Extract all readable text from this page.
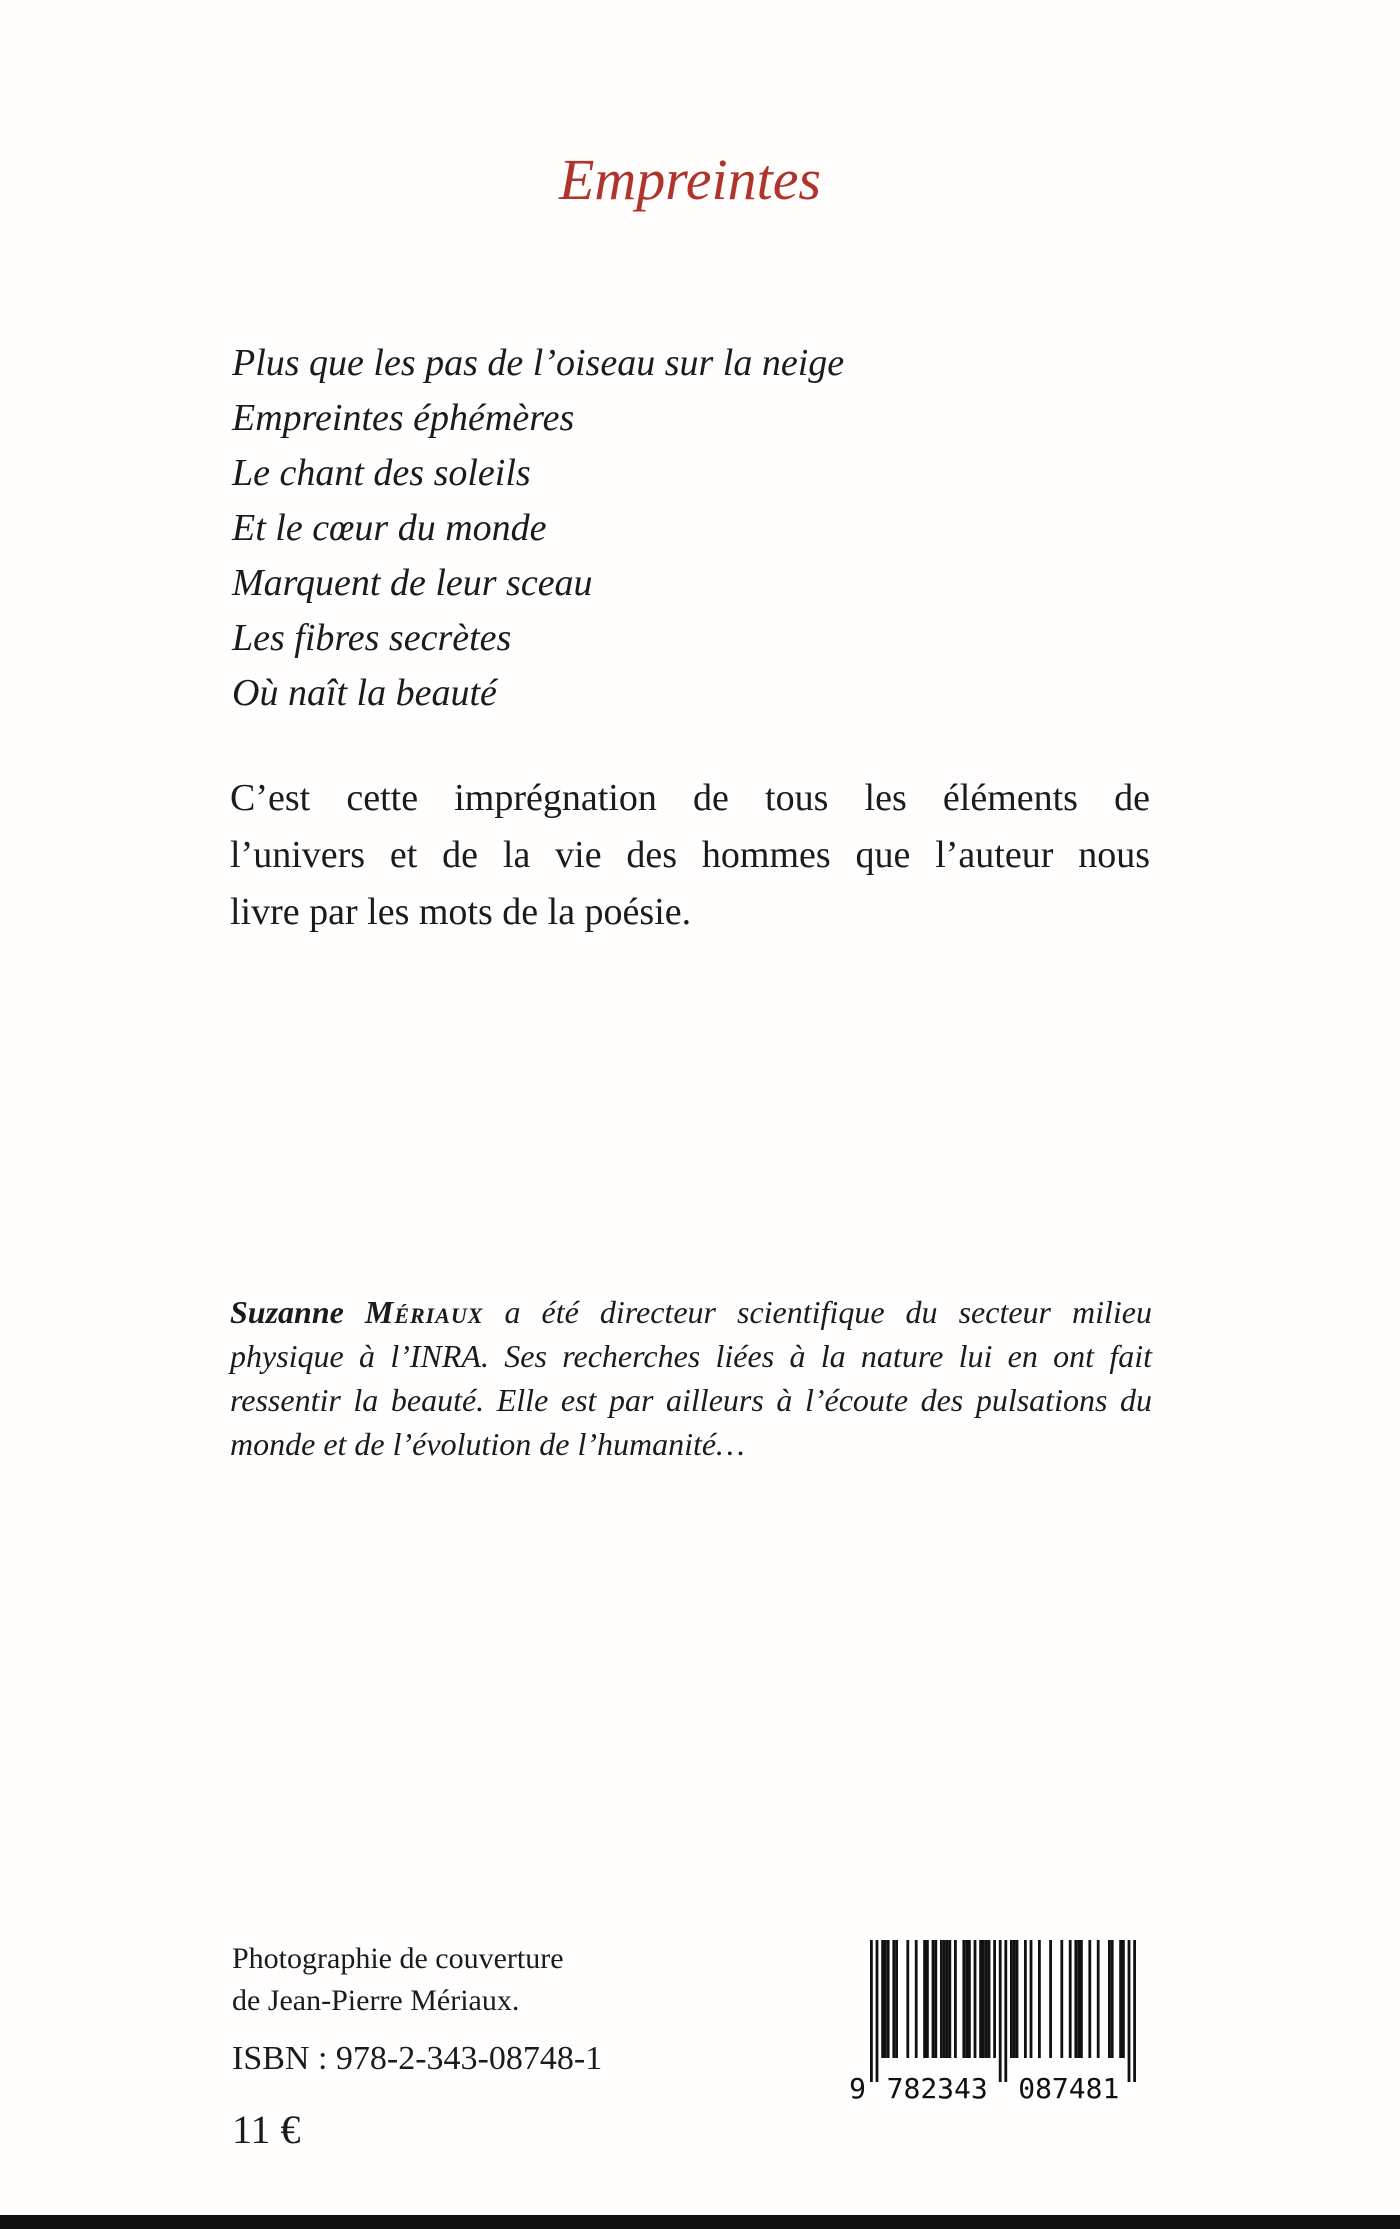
Empreintes
Plus que les pas de l’oiseau sur la neige
Empreintes éphémères
Le chant des soleils
Et le cœur du monde
Marquent de leur sceau
Les fibres secrètes
Où naît la beauté
C’est cette imprégnation de tous les éléments de
l’univers et de la vie des hommes que l’auteur nous
livre par les mots de la poésie.

Suzanne Mériaux a été directeur scientifique du secteur milieu physique à l’INRA. Ses recherches liées à la nature lui en ont fait ressentir la beauté. Elle est par ailleurs à l’écoute des pulsations du monde et de l’évolution de l’humanité…

Photographie de couverture
de Jean-Pierre Mériaux.
ISBN : 978-2-343-08748-1
11 €
9 782343 087481
